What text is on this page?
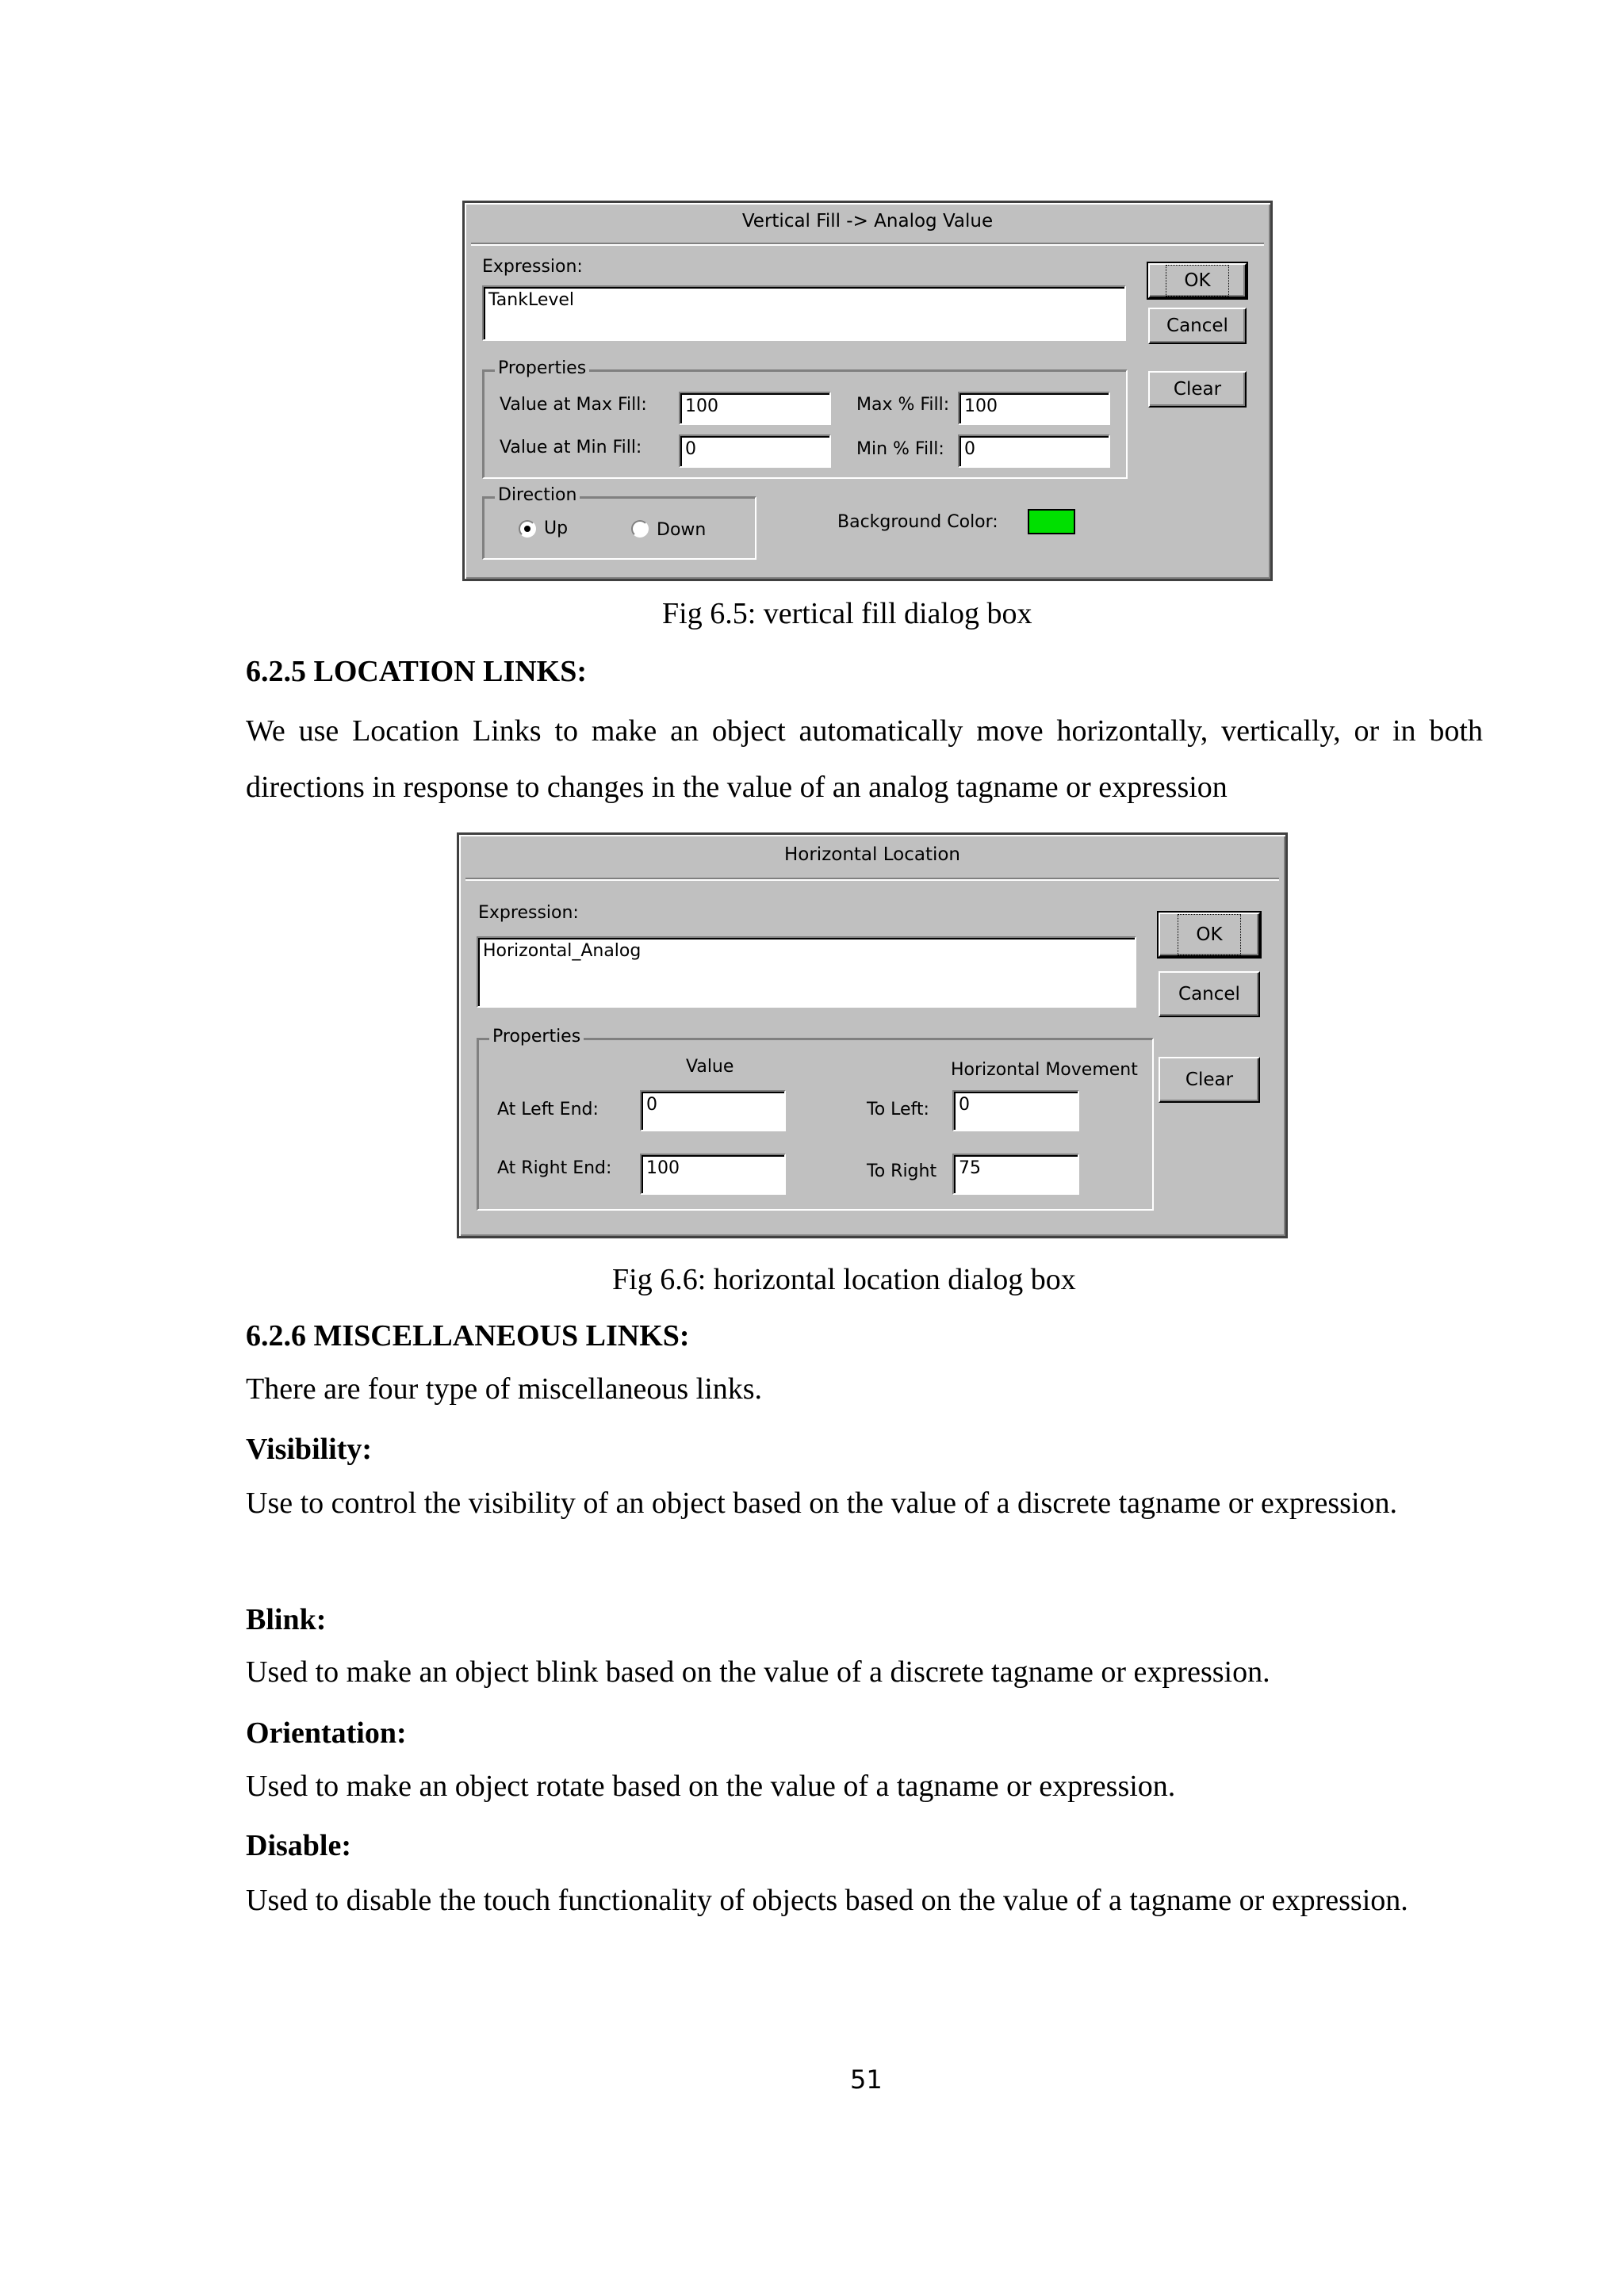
Vertical Fill -> Analog Value
Expression:
TankLevel
OK
Cancel
Clear
Properties
Value at Max Fill:	100	Max % Fill: 100
Value at Min Fill:	0	Min % Fill:	0
Direction
Up	Down	Background Color:
Fig 6.5: vertical fill dialog box
6.2.5 LOCATION LINKS:
We use Location Links to make an object automatically move horizontally, vertically, or in both directions in response to changes in the value of an analog tagname or expression
Horizontal Location
Expression:
Horizontal_Analog
OK
Cancel
Clear
Properties
Value	Horizontal Movement
At Left End:	0	To Left:	0
At Right End:	100	To Right	75
Fig 6.6: horizontal location dialog box
6.2.6 MISCELLANEOUS LINKS:
There are four type of miscellaneous links.
Visibility:
Use to control the visibility of an object based on the value of a discrete tagname or expression.
Blink:
Used to make an object blink based on the value of a discrete tagname or expression.
Orientation:
Used to make an object rotate based on the value of a tagname or expression.
Disable:
Used to disable the touch functionality of objects based on the value of a tagname or expression.
51
